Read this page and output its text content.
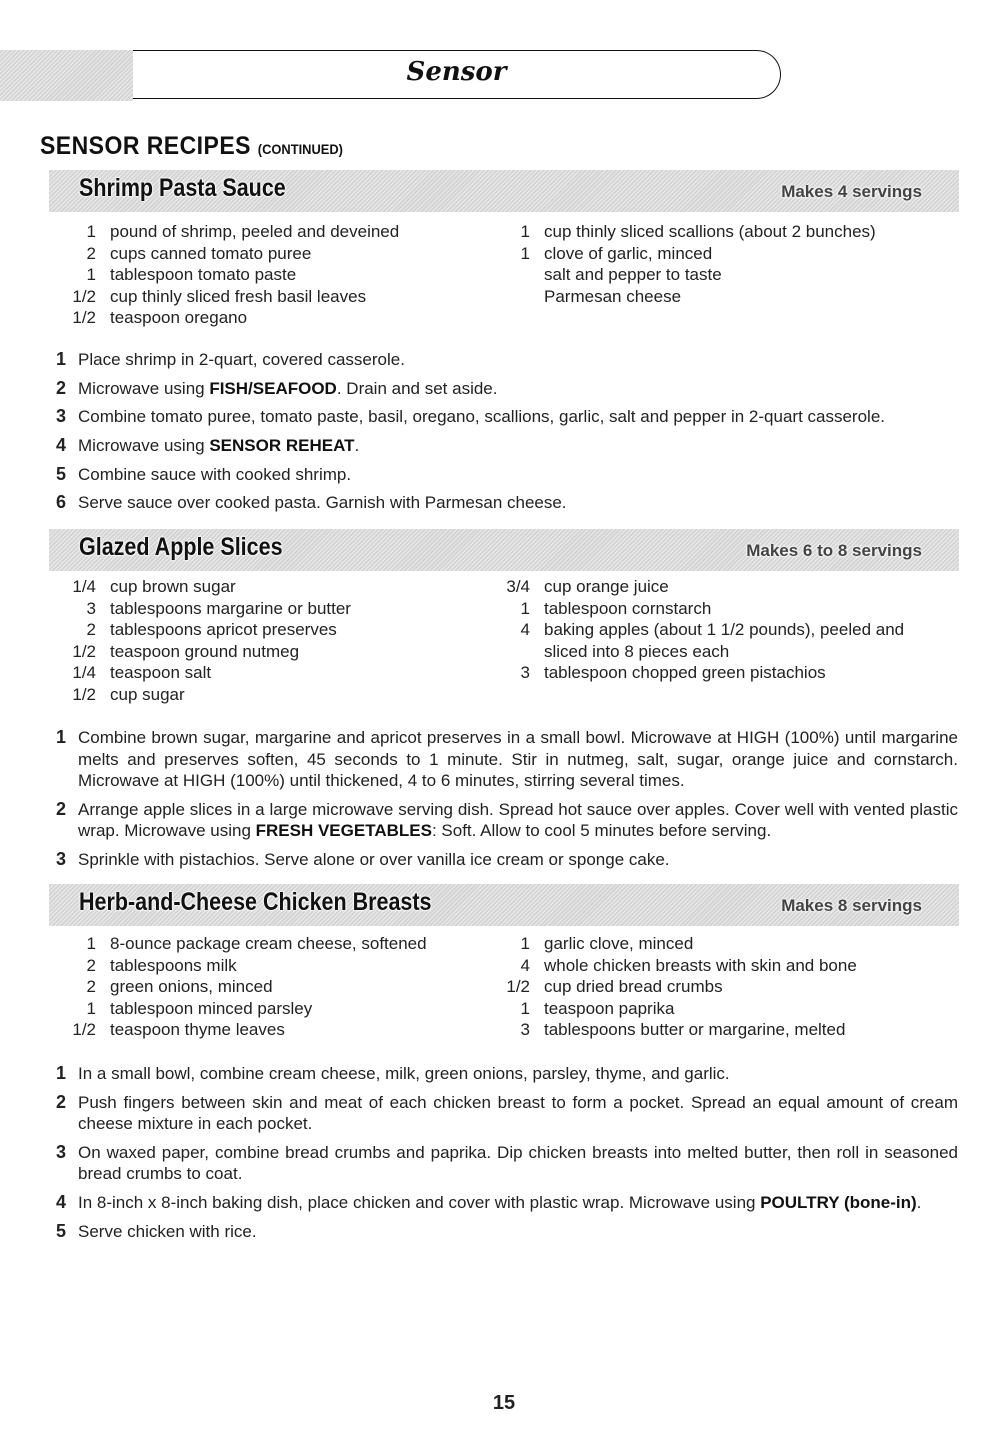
Sensor
SENSOR RECIPES (CONTINUED)
Shrimp Pasta Sauce	Makes 4 servings
1 pound of shrimp, peeled and deveined
2 cups canned tomato puree
1 tablespoon tomato paste
1/2 cup thinly sliced fresh basil leaves
1/2 teaspoon oregano
1 cup thinly sliced scallions (about 2 bunches)
1 clove of garlic, minced
salt and pepper to taste
Parmesan cheese
1 Place shrimp in 2-quart, covered casserole.
2 Microwave using FISH/SEAFOOD. Drain and set aside.
3 Combine tomato puree, tomato paste, basil, oregano, scallions, garlic, salt and pepper in 2-quart casserole.
4 Microwave using SENSOR REHEAT.
5 Combine sauce with cooked shrimp.
6 Serve sauce over cooked pasta. Garnish with Parmesan cheese.
Glazed Apple Slices	Makes 6 to 8 servings
1/4 cup brown sugar
3 tablespoons margarine or butter
2 tablespoons apricot preserves
1/2 teaspoon ground nutmeg
1/4 teaspoon salt
1/2 cup sugar
3/4 cup orange juice
1 tablespoon cornstarch
4 baking apples (about 1 1/2 pounds), peeled and
sliced into 8 pieces each
3 tablespoon chopped green pistachios
1 Combine brown sugar, margarine and apricot preserves in a small bowl. Microwave at HIGH (100%) until margarine melts and preserves soften, 45 seconds to 1 minute. Stir in nutmeg, salt, sugar, orange juice and cornstarch. Microwave at HIGH (100%) until thickened, 4 to 6 minutes, stirring several times.
2 Arrange apple slices in a large microwave serving dish. Spread hot sauce over apples. Cover well with vented plastic wrap. Microwave using FRESH VEGETABLES: Soft. Allow to cool 5 minutes before serving.
3 Sprinkle with pistachios. Serve alone or over vanilla ice cream or sponge cake.
Herb-and-Cheese Chicken Breasts	Makes 8 servings
1 8-ounce package cream cheese, softened
2 tablespoons milk
2 green onions, minced
1 tablespoon minced parsley
1/2 teaspoon thyme leaves
1 garlic clove, minced
4 whole chicken breasts with skin and bone
1/2 cup dried bread crumbs
1 teaspoon paprika
3 tablespoons butter or margarine, melted
1 In a small bowl, combine cream cheese, milk, green onions, parsley, thyme, and garlic.
2 Push fingers between skin and meat of each chicken breast to form a pocket. Spread an equal amount of cream cheese mixture in each pocket.
3 On waxed paper, combine bread crumbs and paprika. Dip chicken breasts into melted butter, then roll in seasoned bread crumbs to coat.
4 In 8-inch x 8-inch baking dish, place chicken and cover with plastic wrap. Microwave using POULTRY (bone-in).
5 Serve chicken with rice.
15
